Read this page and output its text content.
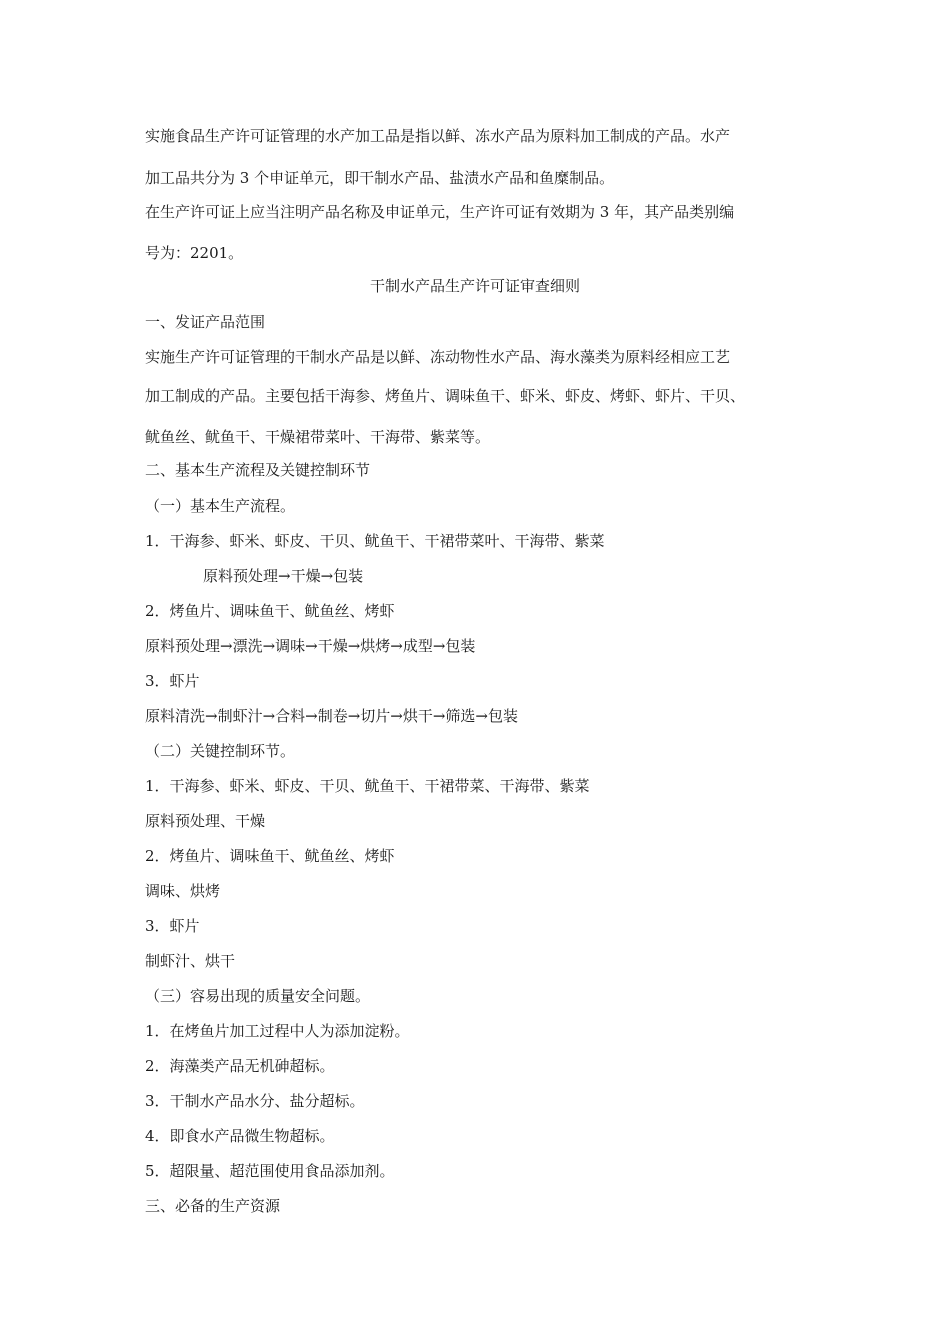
实施食品生产许可证管理的水产加工品是指以鲜、冻水产品为原料加工制成的产品。水产
加工品共分为 3 个申证单元，即干制水产品、盐渍水产品和鱼糜制品。
在生产许可证上应当注明产品名称及申证单元，生产许可证有效期为 3 年，其产品类别编
号为：2201。
干制水产品生产许可证审查细则
一、发证产品范围
实施生产许可证管理的干制水产品是以鲜、冻动物性水产品、海水藻类为原料经相应工艺
加工制成的产品。主要包括干海参、烤鱼片、调味鱼干、虾米、虾皮、烤虾、虾片、干贝、
鱿鱼丝、鱿鱼干、干燥裙带菜叶、干海带、紫菜等。
二、基本生产流程及关键控制环节
（一）基本生产流程。
1．干海参、虾米、虾皮、干贝、鱿鱼干、干裙带菜叶、干海带、紫菜
原料预处理→干燥→包装
2．烤鱼片、调味鱼干、鱿鱼丝、烤虾
原料预处理→漂洗→调味→干燥→烘烤→成型→包装
3．虾片
原料清洗→制虾汁→合料→制卷→切片→烘干→筛选→包装
（二）关键控制环节。
1．干海参、虾米、虾皮、干贝、鱿鱼干、干裙带菜、干海带、紫菜
原料预处理、干燥
2．烤鱼片、调味鱼干、鱿鱼丝、烤虾
调味、烘烤
3．虾片
制虾汁、烘干
（三）容易出现的质量安全问题。
1．在烤鱼片加工过程中人为添加淀粉。
2．海藻类产品无机砷超标。
3．干制水产品水分、盐分超标。
4．即食水产品微生物超标。
5．超限量、超范围使用食品添加剂。
三、必备的生产资源
